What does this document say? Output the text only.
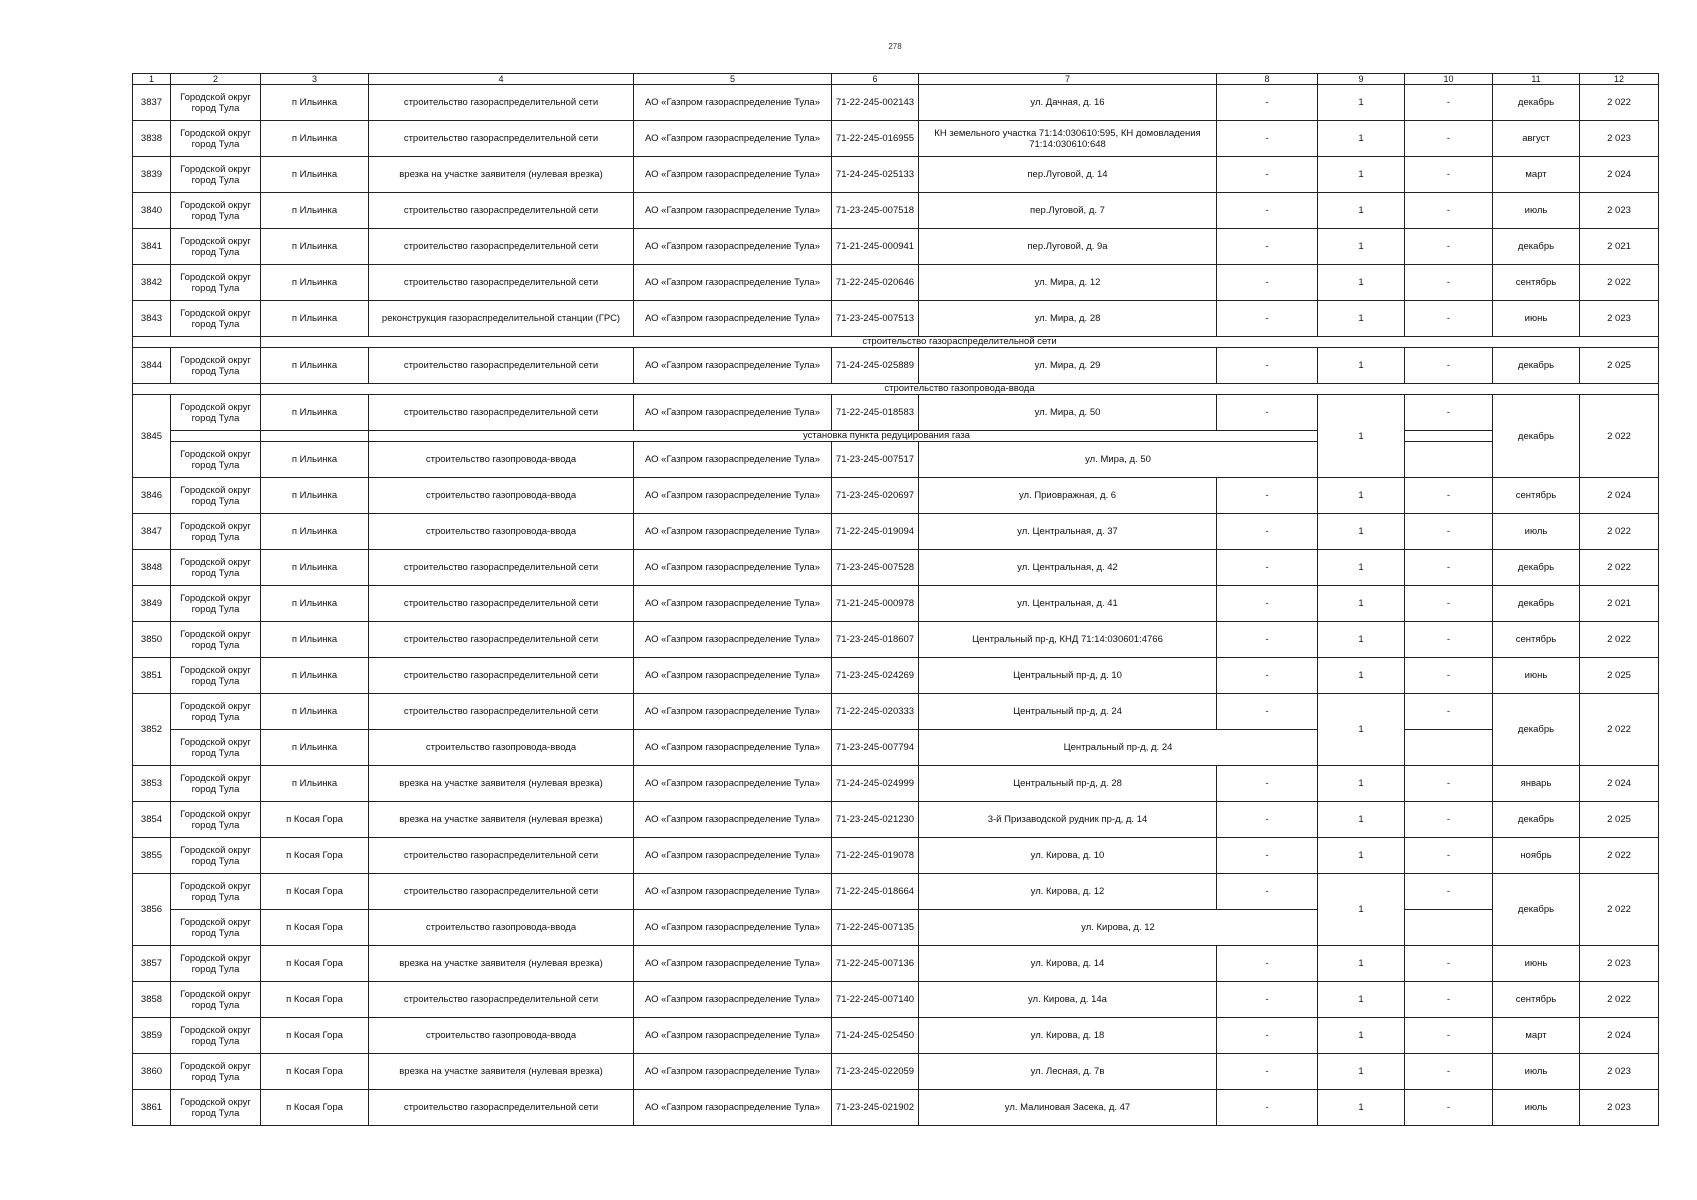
278
1	2	3	4	5	6	7	8	9	10	11	12
3837	Городской округ город Тула	п Ильинка	строительство газораспределительной сети	АО «Газпром газораспределение Тула»	71-22-245-002143	ул. Дачная, д. 16	-	1	-	декабрь	2 022
3838	Городской округ город Тула	п Ильинка	строительство газораспределительной сети	АО «Газпром газораспределение Тула»	71-22-245-016955	КН земельного участка 71:14:030610:595, КН домовладения 71:14:030610:648	-	1	-	август	2 023
3839	Городской округ город Тула	п Ильинка	врезка на участке заявителя (нулевая врезка)	АО «Газпром газораспределение Тула»	71-24-245-025133	пер.Луговой, д. 14	-	1	-	март	2 024
3840	Городской округ город Тула	п Ильинка	строительство газораспределительной сети	АО «Газпром газораспределение Тула»	71-23-245-007518	пер.Луговой, д. 7	-	1	-	июль	2 023
3841	Городской округ город Тула	п Ильинка	строительство газораспределительной сети	АО «Газпром газораспределение Тула»	71-21-245-000941	пер.Луговой, д. 9а	-	1	-	декабрь	2 021
3842	Городской округ город Тула	п Ильинка	строительство газораспределительной сети	АО «Газпром газораспределение Тула»	71-22-245-020646	ул. Мира, д. 12	-	1	-	сентябрь	2 022
3843	Городской округ город Тула	п Ильинка	реконструкция газораспределительной станции (ГРС)	АО «Газпром газораспределение Тула»	71-23-245-007513	ул. Мира, д. 28	-	1	-	июнь	2 023
		строительство газораспределительной сети									
3844	Городской округ город Тула	п Ильинка	строительство газораспределительной сети	АО «Газпром газораспределение Тула»	71-24-245-025889	ул. Мира, д. 29	-	1	-	декабрь	2 025
		строительство газопровода-ввода									
3845	Городской округ город Тула	п Ильинка	строительство газораспределительной сети	АО «Газпром газораспределение Тула»	71-22-245-018583	ул. Мира, д. 50	-	1	-	декабрь	2 022
			установка пункта редуцирования газа								
	Городской округ город Тула	п Ильинка	строительство газопровода-ввода	АО «Газпром газораспределение Тула»	71-23-245-007517	ул. Мира, д. 50					
3846	Городской округ город Тула	п Ильинка	строительство газопровода-ввода	АО «Газпром газораспределение Тула»	71-23-245-020697	ул. Приовражная, д. 6	-	1	-	сентябрь	2 024
3847	Городской округ город Тула	п Ильинка	строительство газопровода-ввода	АО «Газпром газораспределение Тула»	71-22-245-019094	ул. Центральная, д. 37	-	1	-	июль	2 022
3848	Городской округ город Тула	п Ильинка	строительство газораспределительной сети	АО «Газпром газораспределение Тула»	71-23-245-007528	ул. Центральная, д. 42	-	1	-	декабрь	2 022
3849	Городской округ город Тула	п Ильинка	строительство газораспределительной сети	АО «Газпром газораспределение Тула»	71-21-245-000978	ул. Центральная, д. 41	-	1	-	декабрь	2 021
3850	Городской округ город Тула	п Ильинка	строительство газораспределительной сети	АО «Газпром газораспределение Тула»	71-23-245-018607	Центральный пр-д, КНД 71:14:030601:4766	-	1	-	сентябрь	2 022
3851	Городской округ город Тула	п Ильинка	строительство газораспределительной сети	АО «Газпром газораспределение Тула»	71-23-245-024269	Центральный пр-д, д. 10	-	1	-	июнь	2 025
3852	Городской округ город Тула	п Ильинка	строительство газораспределительной сети	АО «Газпром газораспределение Тула»	71-22-245-020333	Центральный пр-д, д. 24	-	1	-	декабрь	2 022
	Городской округ город Тула	п Ильинка	строительство газопровода-ввода	АО «Газпром газораспределение Тула»	71-23-245-007794	Центральный пр-д, д. 24					
3853	Городской округ город Тула	п Ильинка	врезка на участке заявителя (нулевая врезка)	АО «Газпром газораспределение Тула»	71-24-245-024999	Центральный пр-д, д. 28	-	1	-	январь	2 024
3854	Городской округ город Тула	п Косая Гора	врезка на участке заявителя (нулевая врезка)	АО «Газпром газораспределение Тула»	71-23-245-021230	3-й Призаводской рудник пр-д, д. 14	-	1	-	декабрь	2 025
3855	Городской округ город Тула	п Косая Гора	строительство газораспределительной сети	АО «Газпром газораспределение Тула»	71-22-245-019078	ул. Кирова, д. 10	-	1	-	ноябрь	2 022
3856	Городской округ город Тула	п Косая Гора	строительство газораспределительной сети	АО «Газпром газораспределение Тула»	71-22-245-018664	ул. Кирова, д. 12	-	1	-	декабрь	2 022
	Городской округ город Тула	п Косая Гора	строительство газопровода-ввода	АО «Газпром газораспределение Тула»	71-22-245-007135	ул. Кирова, д. 12					
3857	Городской округ город Тула	п Косая Гора	врезка на участке заявителя (нулевая врезка)	АО «Газпром газораспределение Тула»	71-22-245-007136	ул. Кирова, д. 14	-	1	-	июнь	2 023
3858	Городской округ город Тула	п Косая Гора	строительство газораспределительной сети	АО «Газпром газораспределение Тула»	71-22-245-007140	ул. Кирова, д. 14а	-	1	-	сентябрь	2 022
3859	Городской округ город Тула	п Косая Гора	строительство газопровода-ввода	АО «Газпром газораспределение Тула»	71-24-245-025450	ул. Кирова, д. 18	-	1	-	март	2 024
3860	Городской округ город Тула	п Косая Гора	врезка на участке заявителя (нулевая врезка)	АО «Газпром газораспределение Тула»	71-23-245-022059	ул. Лесная, д. 7в	-	1	-	июль	2 023
3861	Городской округ город Тула	п Косая Гора	строительство газораспределительной сети	АО «Газпром газораспределение Тула»	71-23-245-021902	ул. Малиновая Засека, д. 47	-	1	-	июль	2 023
